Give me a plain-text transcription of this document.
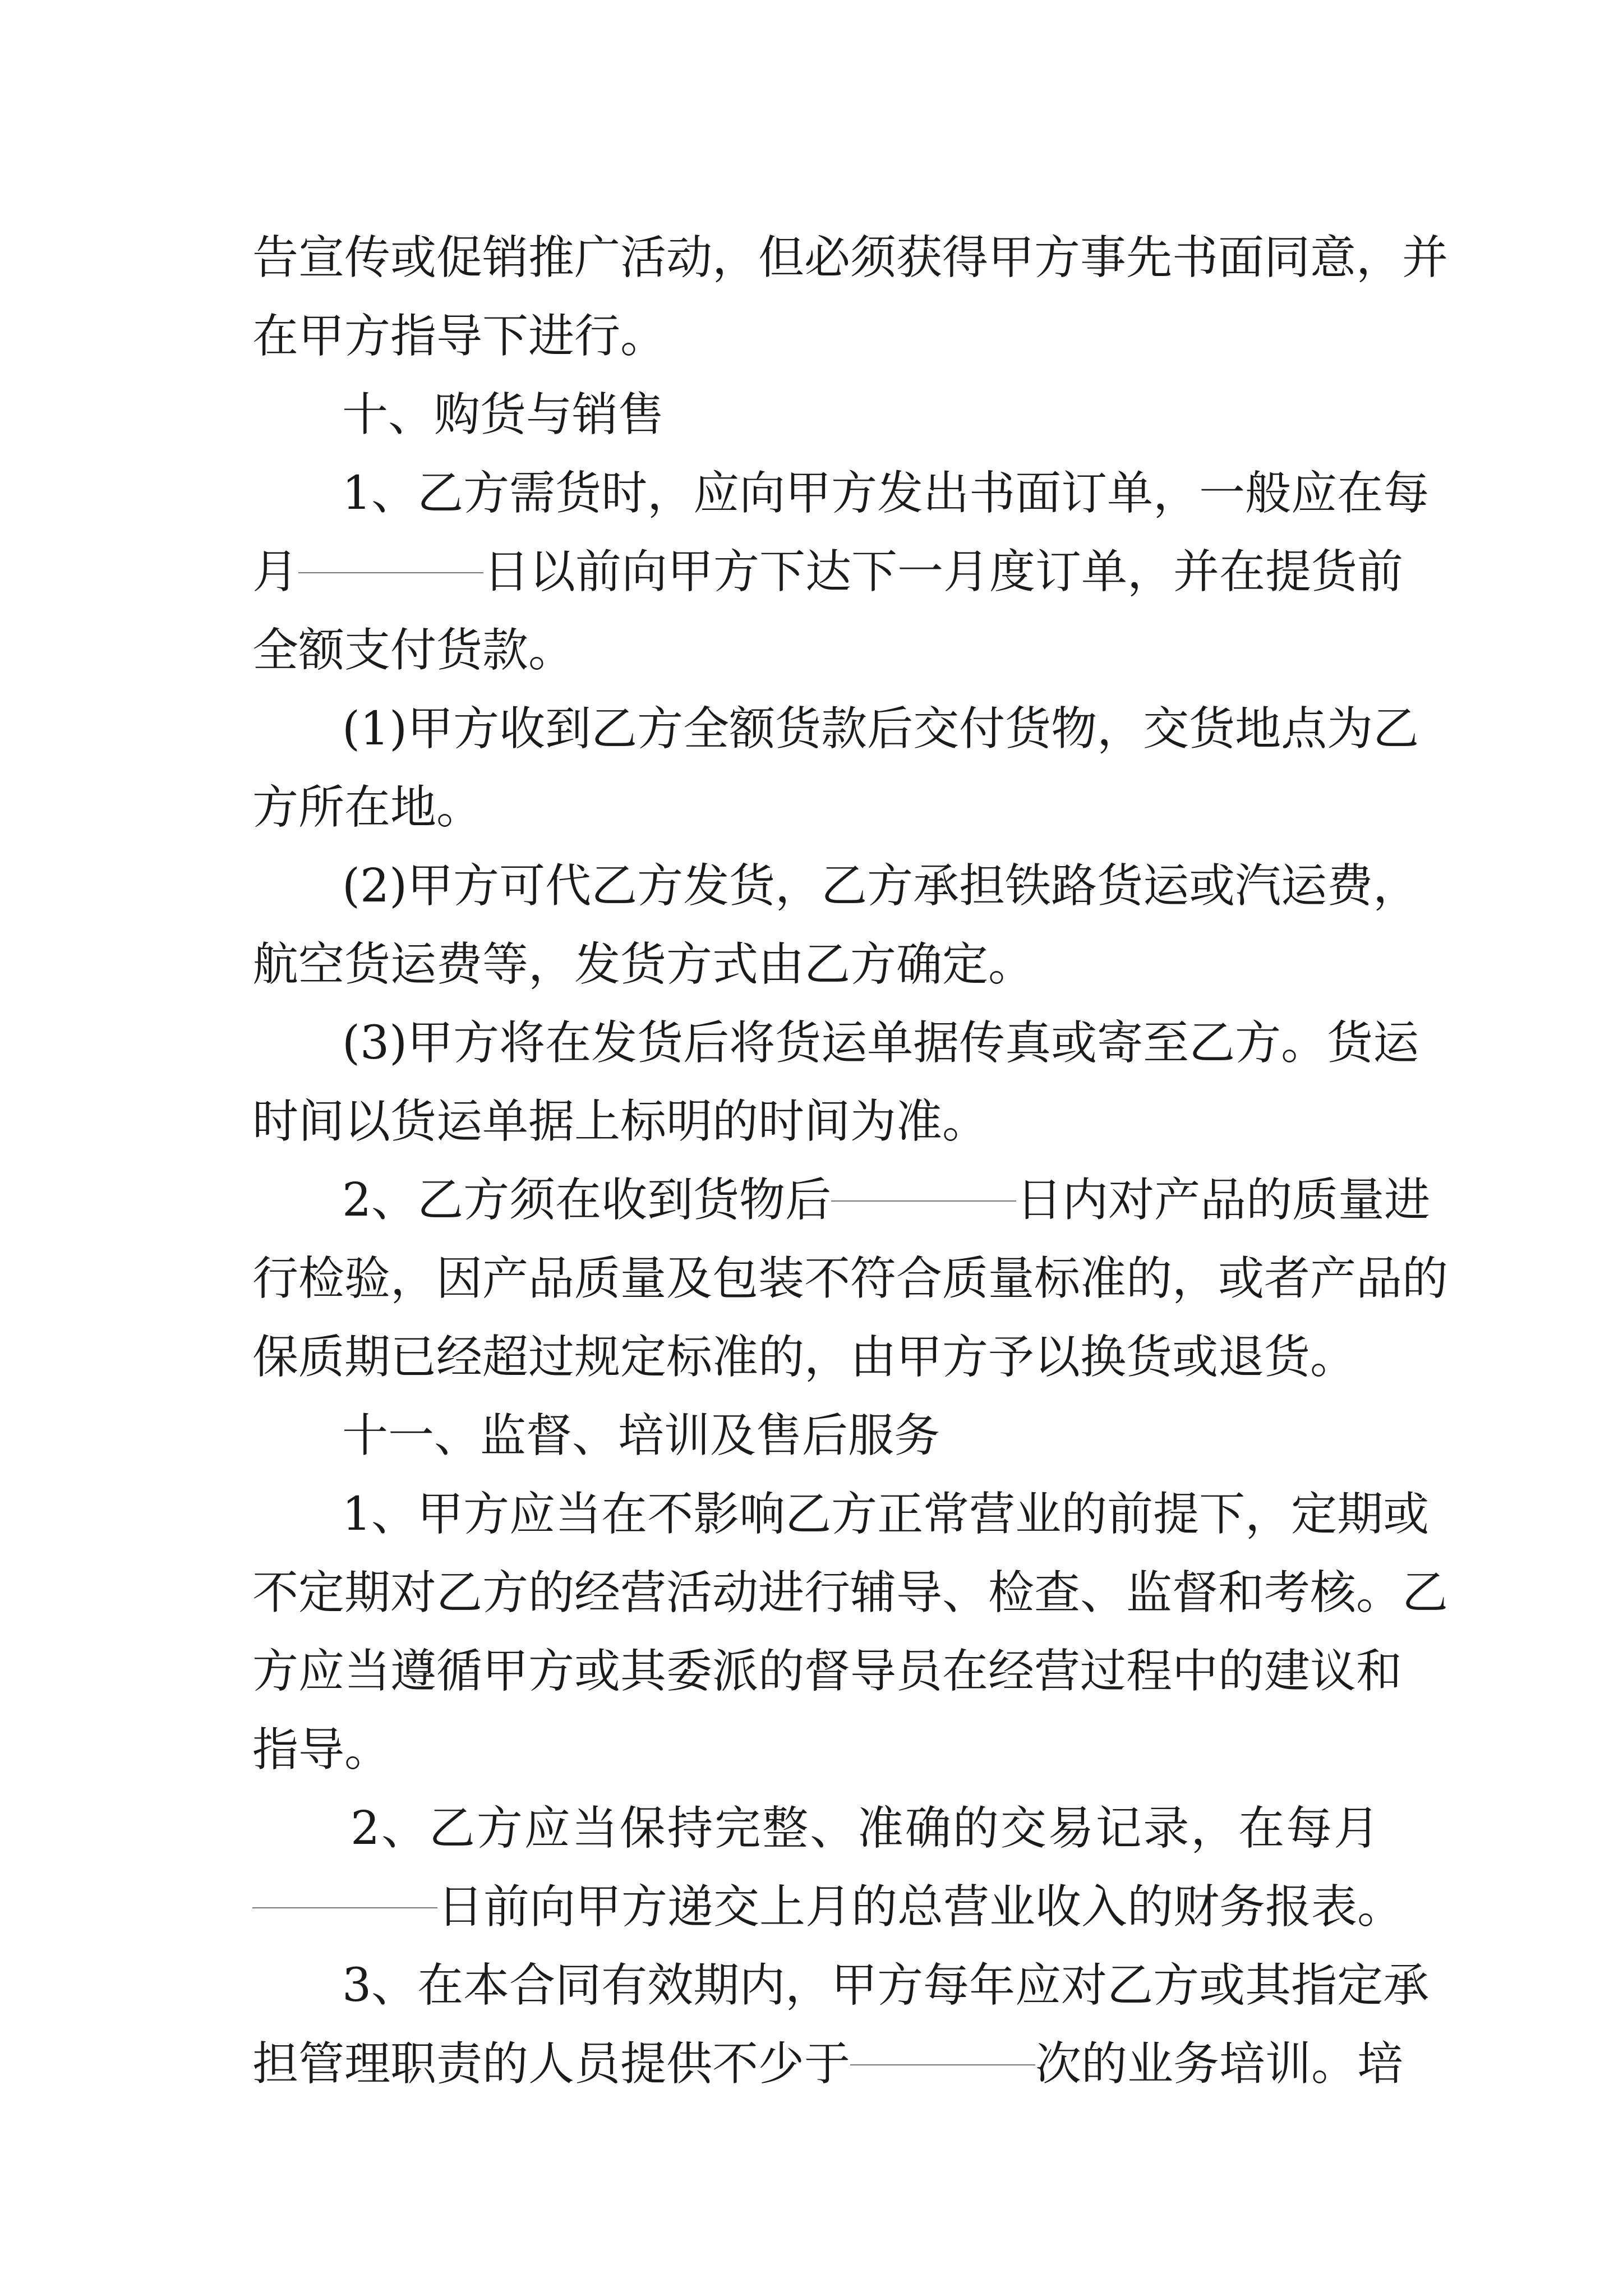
告宣传或促销推广活动，但必须获得甲方事先书面同意，并
在甲方指导下进行。
十、购货与销售
1、乙方需货时，应向甲方发出书面订单，一般应在每
月	日以前向甲方下达下一月度订单，并在提货前
全额支付货款。
(1)甲方收到乙方全额货款后交付货物，交货地点为乙
方所在地。
(2)甲方可代乙方发货，乙方承担铁路货运或汽运费，
航空货运费等，发货方式由乙方确定。
(3)甲方将在发货后将货运单据传真或寄至乙方。货运
时间以货运单据上标明的时间为准。
2、乙方须在收到货物后	日内对产品的质量进
行检验，因产品质量及包装不符合质量标准的，或者产品的
保质期已经超过规定标准的，由甲方予以换货或退货。
十一、监督、培训及售后服务
1、甲方应当在不影响乙方正常营业的前提下，定期或
不定期对乙方的经营活动进行辅导、检查、监督和考核。乙
方应当遵循甲方或其委派的督导员在经营过程中的建议和
指导。
2、乙方应当保持完整、准确的交易记录，在每月
日前向甲方递交上月的总营业收入的财务报表。
3、在本合同有效期内，甲方每年应对乙方或其指定承
担管理职责的人员提供不少于	次的业务培训。培
